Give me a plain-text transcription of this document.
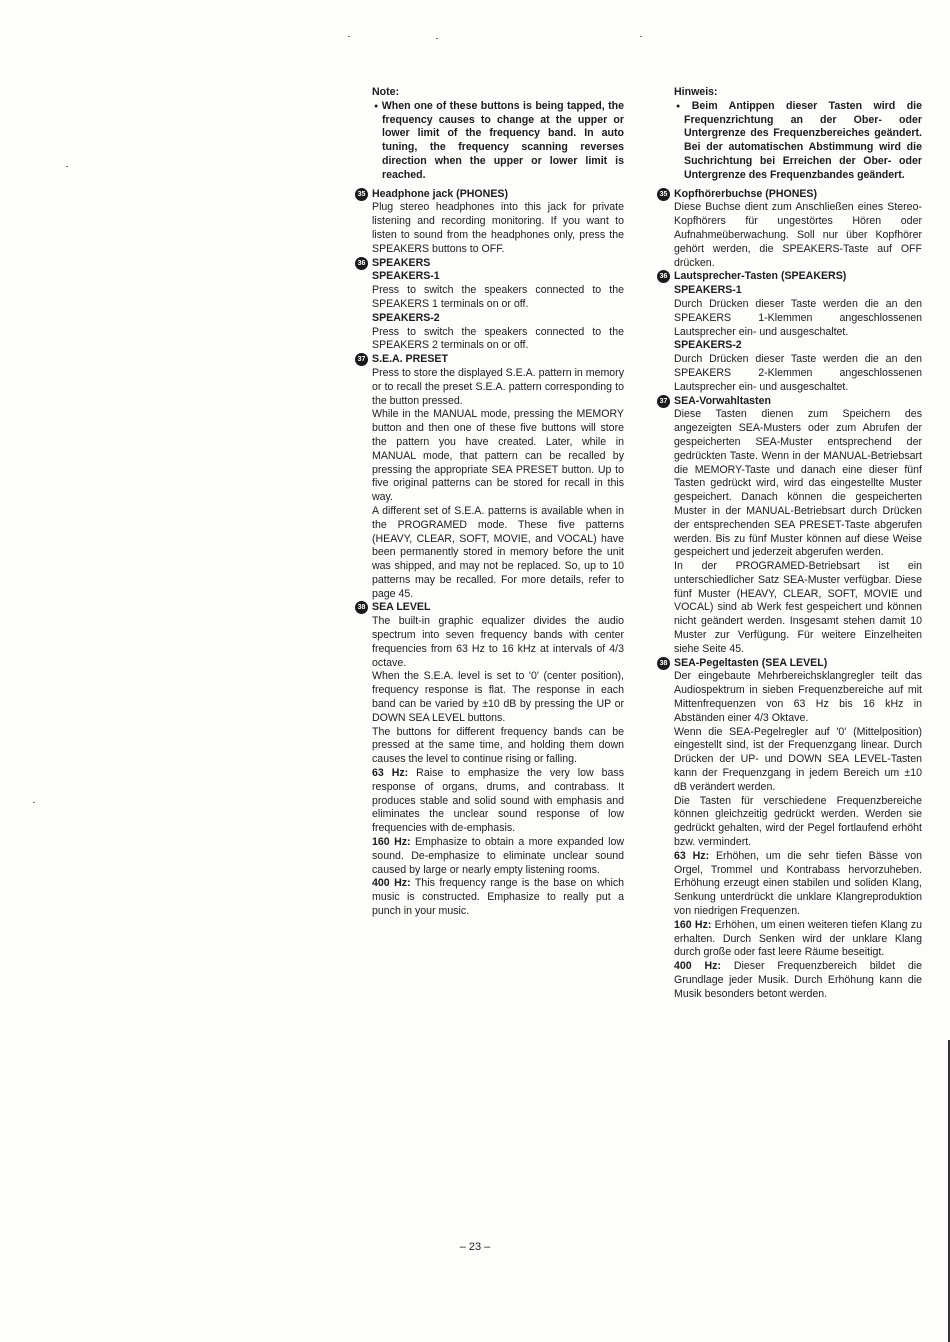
Note:
● When one of these buttons is being tapped, the frequency causes to change at the upper or lower limit of the frequency band. In auto tuning, the frequency scanning reverses direction when the upper or lower limit is reached.
35 Headphone jack (PHONES)
Plug stereo headphones into this jack for private listening and recording monitoring. If you want to listen to sound from the headphones only, press the SPEAKERS buttons to OFF.
36 SPEAKERS
SPEAKERS-1
Press to switch the speakers connected to the SPEAKERS 1 terminals on or off.
SPEAKERS-2
Press to switch the speakers connected to the SPEAKERS 2 terminals on or off.
37 S.E.A. PRESET
Press to store the displayed S.E.A. pattern in memory or to recall the preset S.E.A. pattern corresponding to the button pressed.
While in the MANUAL mode, pressing the MEMORY button and then one of these five buttons will store the pattern you have created. Later, while in MANUAL mode, that pattern can be recalled by pressing the appropriate SEA PRESET button. Up to five original patterns can be stored for recall in this way.
A different set of S.E.A. patterns is available when in the PROGRAMED mode. These five patterns (HEAVY, CLEAR, SOFT, MOVIE, and VOCAL) have been permanently stored in memory before the unit was shipped, and may not be replaced. So, up to 10 patterns may be recalled. For more details, refer to page 45.
38 SEA LEVEL
The built-in graphic equalizer divides the audio spectrum into seven frequency bands with center frequencies from 63 Hz to 16 kHz at intervals of 4/3 octave.
When the S.E.A. level is set to '0' (center position), frequency response is flat. The response in each band can be varied by ±10 dB by pressing the UP or DOWN SEA LEVEL buttons.
The buttons for different frequency bands can be pressed at the same time, and holding them down causes the level to continue rising or falling.
63 Hz: Raise to emphasize the very low bass response of organs, drums, and contrabass. It produces stable and solid sound with emphasis and eliminates the unclear sound response of low frequencies with de-emphasis.
160 Hz: Emphasize to obtain a more expanded low sound. De-emphasize to eliminate unclear sound caused by large or nearly empty listening rooms.
400 Hz: This frequency range is the base on which music is constructed. Emphasize to really put a punch in your music.
Hinweis:
● Beim Antippen dieser Tasten wird die Frequenzrichtung an der Ober- oder Untergrenze des Frequenzbereiches geändert. Bei der automatischen Abstimmung wird die Suchrichtung bei Erreichen der Ober- oder Untergrenze des Frequenzbandes geändert.
35 Kopfhörerbuchse (PHONES)
Diese Buchse dient zum Anschließen eines Stereo-Kopfhörers für ungestörtes Hören oder Aufnahmeüberwachung. Soll nur über Kopfhörer gehört werden, die SPEAKERS-Taste auf OFF drücken.
36 Lautsprecher-Tasten (SPEAKERS)
SPEAKERS-1
Durch Drücken dieser Taste werden die an den SPEAKERS 1-Klemmen angeschlossenen Lautsprecher ein- und ausgeschaltet.
SPEAKERS-2
Durch Drücken dieser Taste werden die an den SPEAKERS 2-Klemmen angeschlossenen Lautsprecher ein- und ausgeschaltet.
37 SEA-Vorwahltasten
Diese Tasten dienen zum Speichern des angezeigten SEA-Musters oder zum Abrufen der gespeicherten SEA-Muster entsprechend der gedrückten Taste. Wenn in der MANUAL-Betriebsart die MEMORY-Taste und danach eine dieser fünf Tasten gedrückt wird, wird das eingestellte Muster gespeichert. Danach können die gespeicherten Muster in der MANUAL-Betriebsart durch Drücken der entsprechenden SEA PRESET-Taste abgerufen werden. Bis zu fünf Muster können auf diese Weise gespeichert und jederzeit abgerufen werden.
In der PROGRAMED-Betriebsart ist ein unterschiedlicher Satz SEA-Muster verfügbar. Diese fünf Muster (HEAVY, CLEAR, SOFT, MOVIE und VOCAL) sind ab Werk fest gespeichert und können nicht geändert werden. Insgesamt stehen damit 10 Muster zur Verfügung. Für weitere Einzelheiten siehe Seite 45.
38 SEA-Pegeltasten (SEA LEVEL)
Der eingebaute Mehrbereichsklangregler teilt das Audiospektrum in sieben Frequenzbereiche auf mit Mittenfrequenzen von 63 Hz bis 16 kHz in Abständen einer 4/3 Oktave.
Wenn die SEA-Pegelregler auf '0' (Mittelposition) eingestellt sind, ist der Frequenzgang linear. Durch Drücken der UP- und DOWN SEA LEVEL-Tasten kann der Frequenzgang in jedem Bereich um ±10 dB verändert werden.
Die Tasten für verschiedene Frequenzbereiche können gleichzeitig gedrückt werden. Werden sie gedrückt gehalten, wird der Pegel fortlaufend erhöht bzw. vermindert.
63 Hz: Erhöhen, um die sehr tiefen Bässe von Orgel, Trommel und Kontrabass hervorzuheben. Erhöhung erzeugt einen stabilen und soliden Klang, Senkung unterdrückt die unklare Klangreproduktion von niedrigen Frequenzen.
160 Hz: Erhöhen, um einen weiteren tiefen Klang zu erhalten. Durch Senken wird der unklare Klang durch große oder fast leere Räume beseitigt.
400 Hz: Dieser Frequenzbereich bildet die Grundlage jeder Musik. Durch Erhöhung kann die Musik besonders betont werden.
– 23 –
